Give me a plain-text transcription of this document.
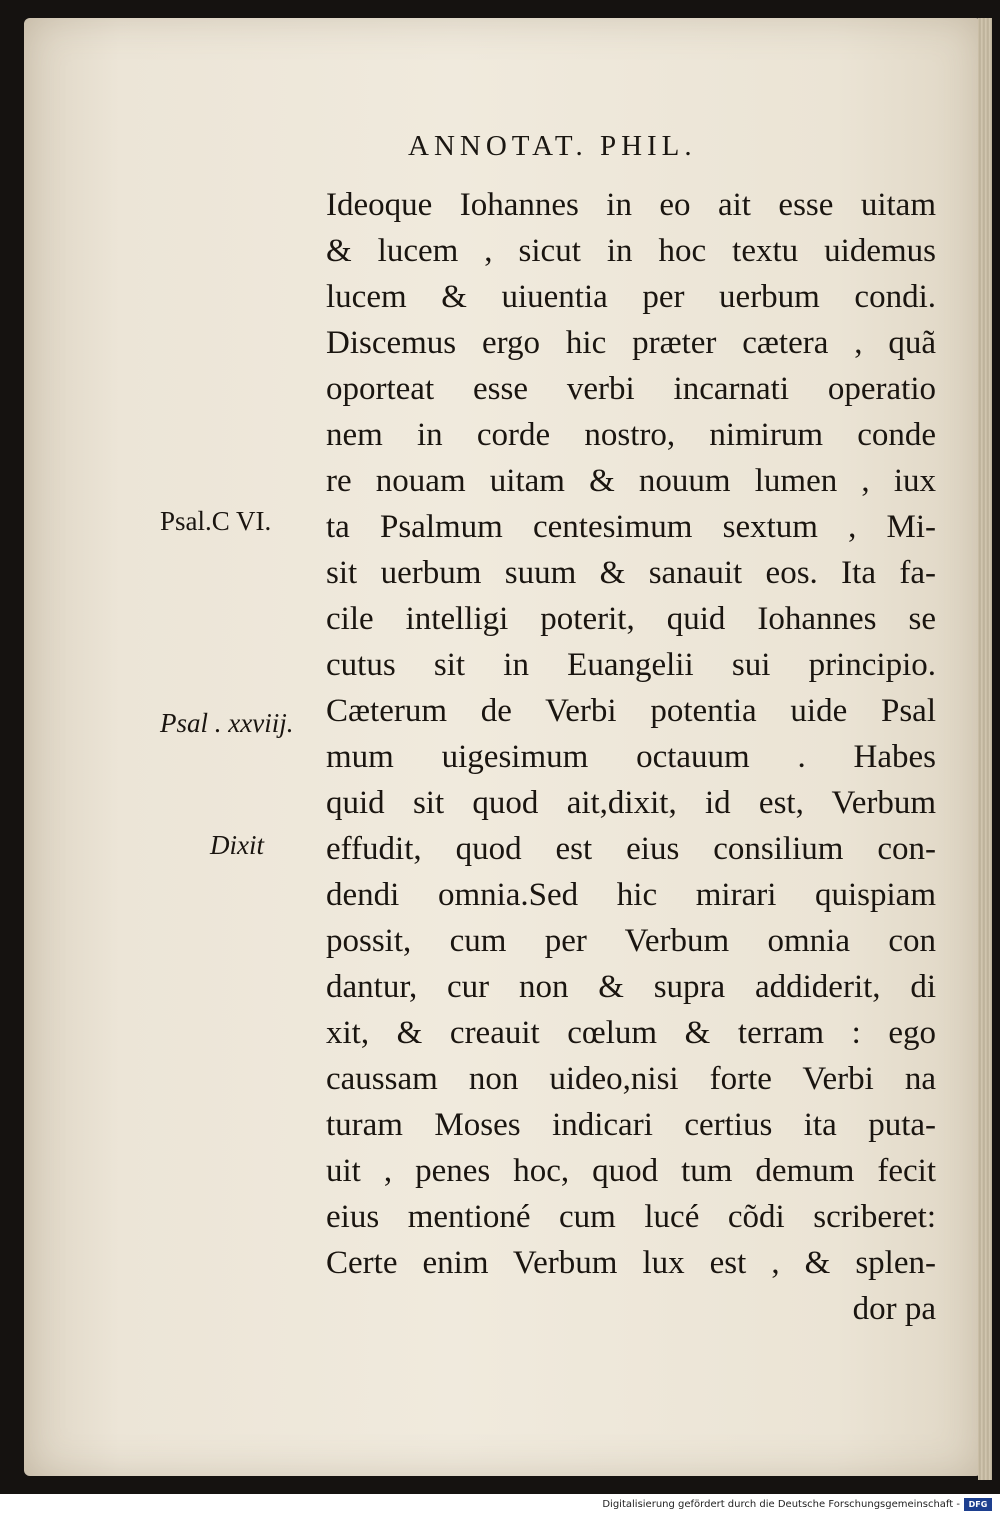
ANNOTAT. PHIL.
Ideoque Iohannes in eo ait esse uitam
& lucem , sicut in hoc textu uidemus
lucem & uiuentia per uerbum condi.
Discemus ergo hic præter cætera , quã
oporteat esse verbi incarnati operatio
nem in corde nostro, nimirum conde
re nouam uitam & nouum lumen , iux
ta Psalmum centesimum sextum , Mi-
sit uerbum suum & sanauit eos. Ita fa-
cile intelligi poterit, quid Iohannes se
cutus sit in Euangelii sui principio.
Cæterum de Verbi potentia uide Psal
mum uigesimum octauum . Habes
quid sit quod ait,dixit, id est, Verbum
effudit, quod est eius consilium con-
dendi omnia.Sed hic mirari quispiam
possit, cum per Verbum omnia con
dantur, cur non & supra addiderit, di
xit, & creauit cœlum & terram : ego
caussam non uideo,nisi forte Verbi na
turam Moses indicari certius ita puta-
uit , penes hoc, quod tum demum fecit
eius mentioné cum lucé cõdi scriberet:
Certe enim Verbum lux est , & splen-
dor pa
Psal.C VI.
Psal . xxviij.
Dixit
Digitalisierung gefördert durch die Deutsche Forschungsgemeinschaft -	DFG
